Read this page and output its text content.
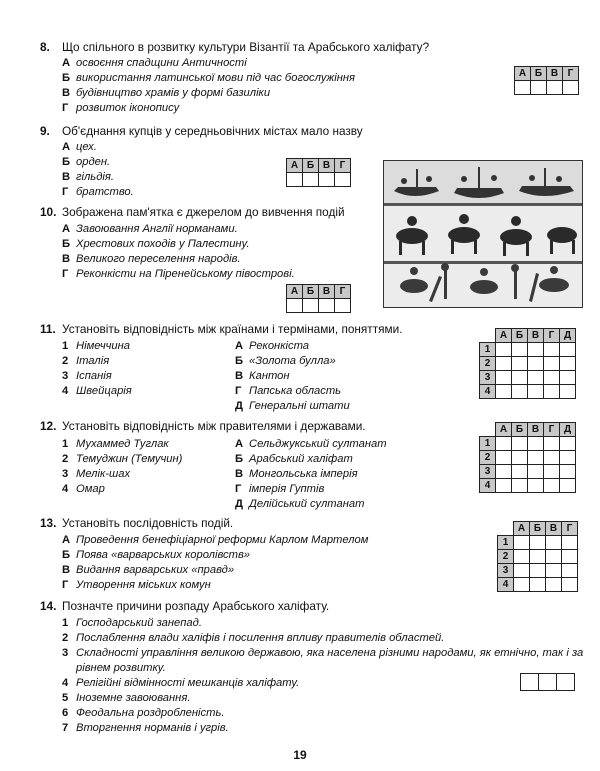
8. Що спільного в розвитку культури Візантії та Арабського халіфату?
А	Б	В	Г

9. Об'єднання купців у середньовічних містах мало назву
А	Б	В	Г

10. Зображена пам'ятка є джерелом до вивчення подій
А	Б	В	Г

11. Установіть відповідність між країнами і термінами, поняттями.
		А	Б	В	Г	Д
1					
2					
3					
4					
12. Установіть відповідність між правителями і державами.
		А	Б	В	Г	Д
1					
2					
3					
4					
13. Установіть послідовність подій.
		А	Б	В	Г
1				
2				
3				
4				
14. Позначте причини розпаду Арабського халіфату.

19
А освоєння спадщини Античності
Б використання латинської мови під час богослужіння
В будівництво храмів у формі базиліки
Г розвиток іконопису
А цех.
Б орден.
В гільдія.
Г братство.
А Завоювання Англії норманами.
Б Хрестових походів у Палестину.
В Великого переселення народів.
Г Реконкісти на Піренейському півострові.
1 Німеччина
2 Італія
3 Іспанія
4 Швейцарія
А Реконкіста
Б «Золота булла»
В Кантон
Г Папська область
Д Генеральні штати
1 Мухаммед Туглак
2 Темуджин (Темучин)
3 Мелік-шах
4 Омар
А Сельджукський султанат
Б Арабський халіфат
В Монгольська імперія
Г імперія Гуптів
Д Делійський султанат
А Проведення бенефіціарної реформи Карлом Мартелом
Б Поява «варварських королівств»
В Видання варварських «правд»
Г Утворення міських комун
1 Господарський занепад.
2 Послаблення влади халіфів і посилення впливу правителів областей.
3 Складності управління великою державою, яка населена різними народами, як етнічно, так і за
рівнем розвитку.
4 Релігійні відмінності мешканців халіфату.
5 Іноземне завоювання.
6 Феодальна роздробленість.
7 Вторгнення норманів і угрів.
